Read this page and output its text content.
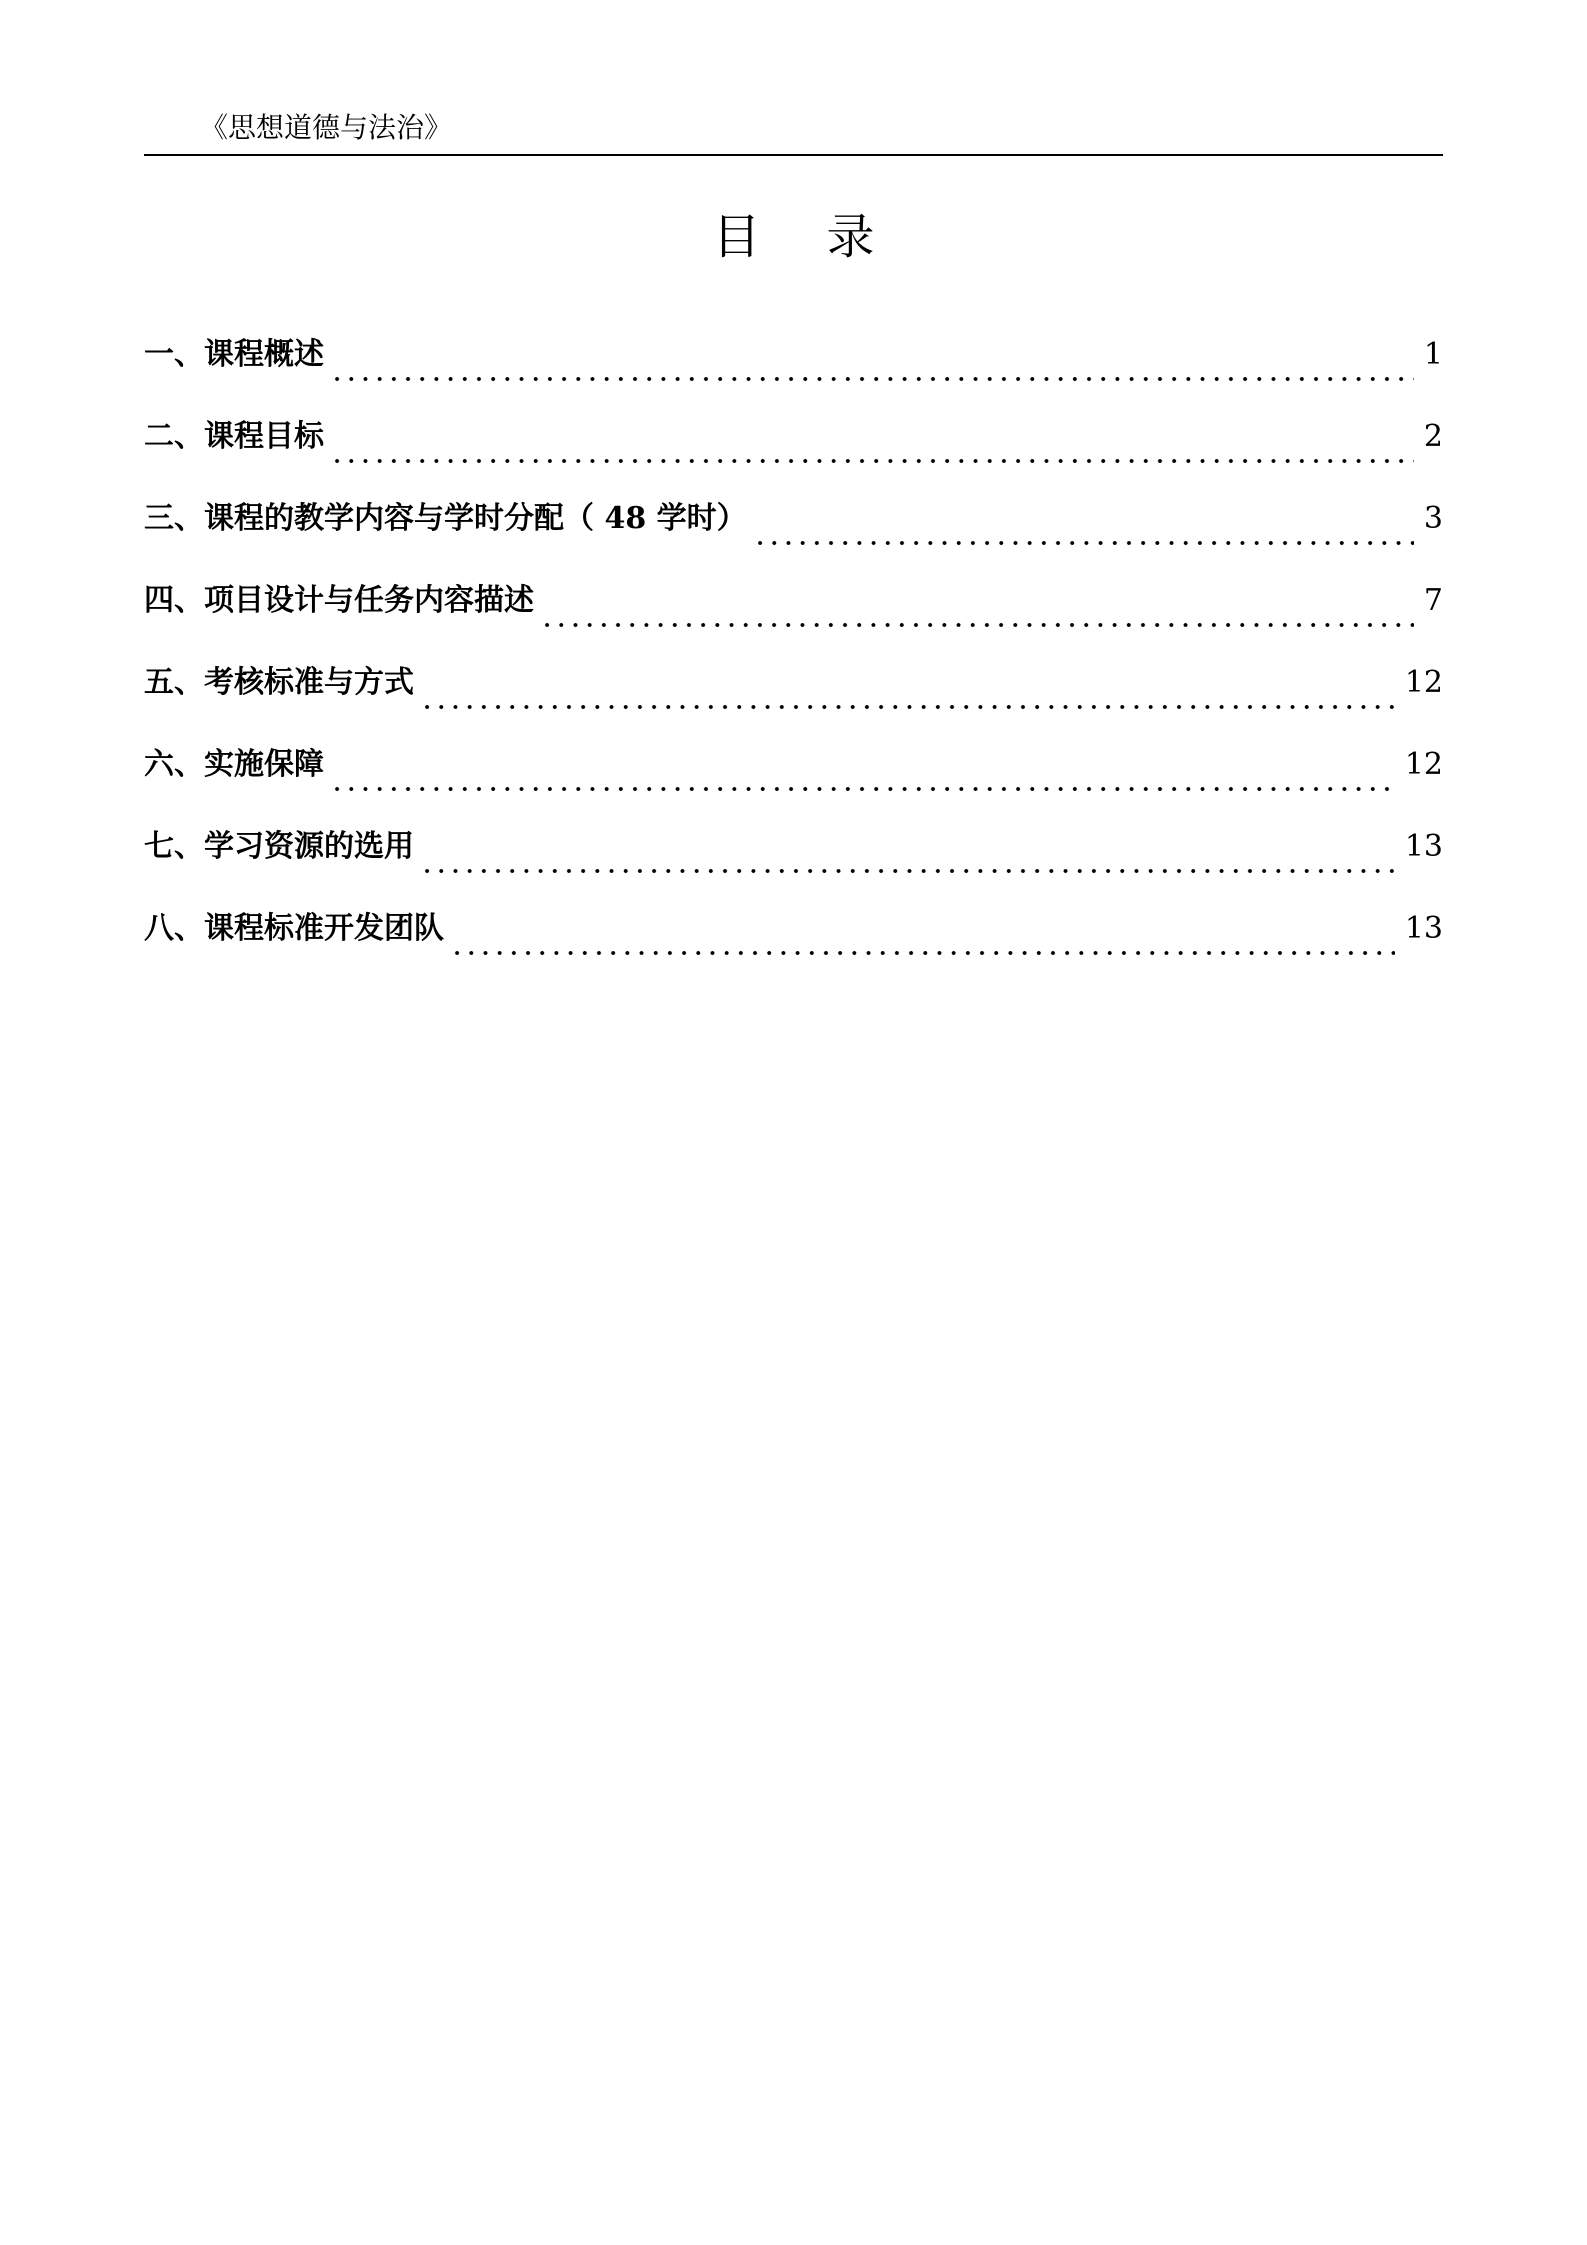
《思想道德与法治》
目录
一、课程概述	1
二、课程目标	2
三、课程的教学内容与学时分配（ 48 学时）	3
四、项目设计与任务内容描述	7
五、考核标准与方式	12
六、实施保障	12
七、学习资源的选用	13
八、课程标准开发团队	13
